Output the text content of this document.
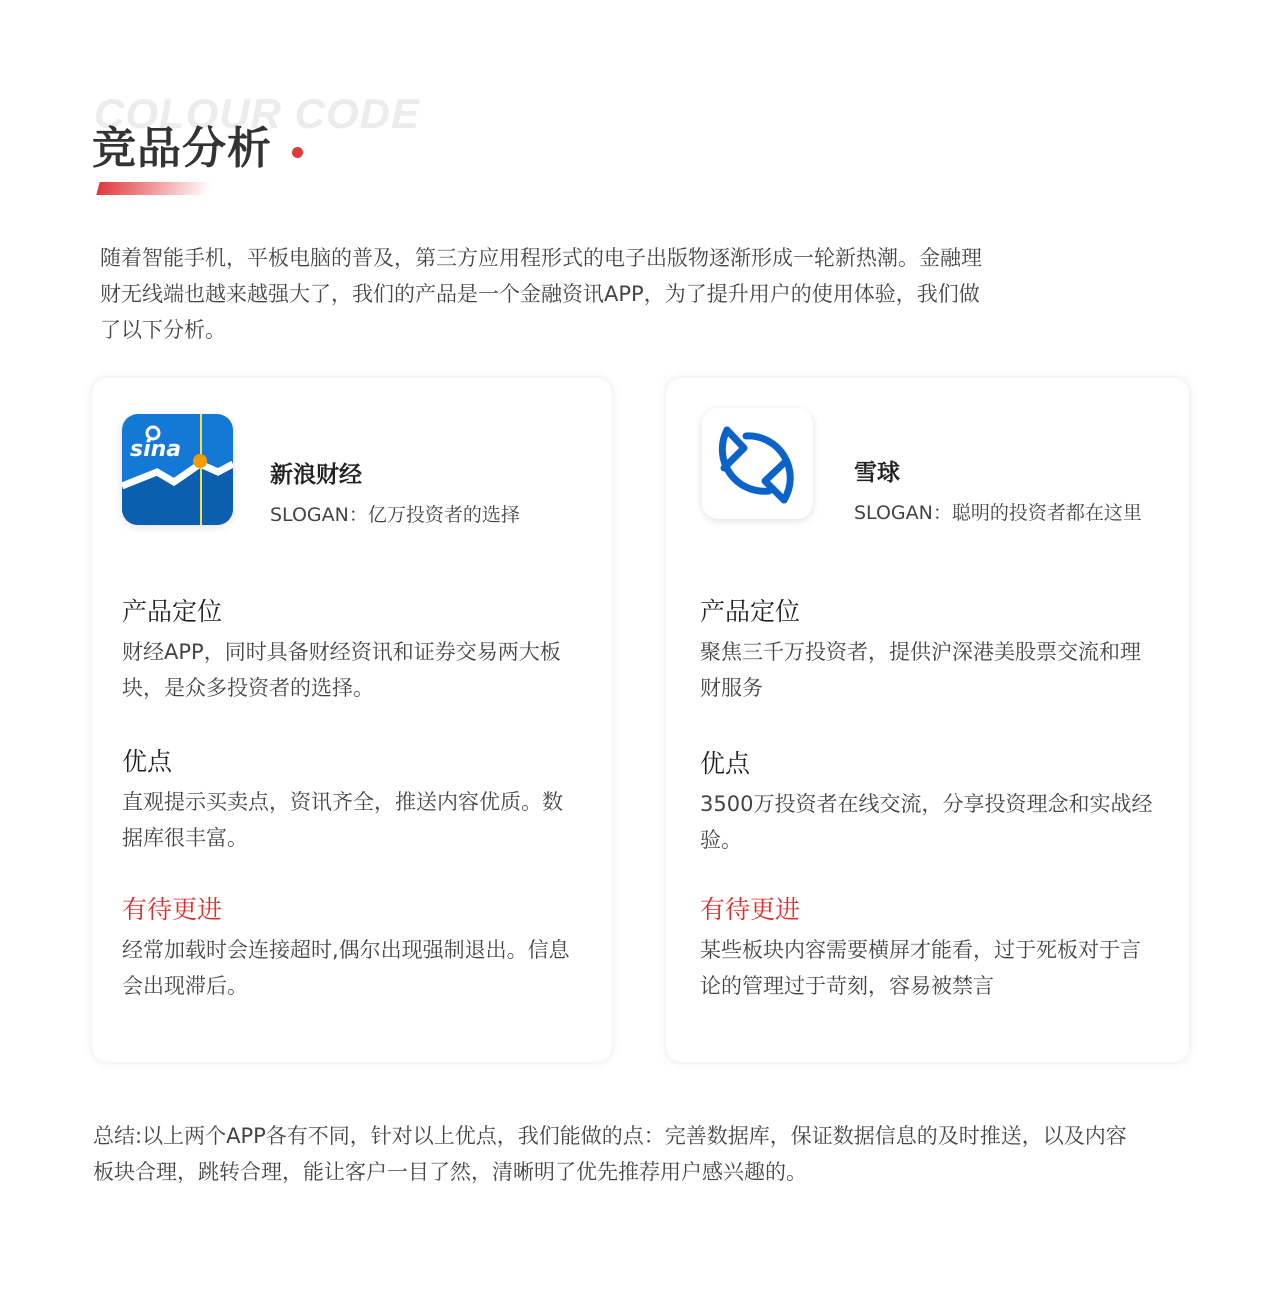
COLOUR CODE
竞品分析

随着智能手机，平板电脑的普及，第三方应用程形式的电子出版物逐渐形成一轮新热潮。金融理财无线端也越来越强大了，我们的产品是一个金融资讯APP，为了提升用户的使用体验，我们做了以下分析。

sina
新浪财经
SLOGAN：亿万投资者的选择
产品定位

财经APP，同时具备财经资讯和证券交易两大板块，是众多投资者的选择。

优点

直观提示买卖点，资讯齐全，推送内容优质。数据库很丰富。

有待更进

经常加载时会连接超时,偶尔出现强制退出。信息会出现滞后。

雪球
SLOGAN：聪明的投资者都在这里
产品定位

聚焦三千万投资者，提供沪深港美股票交流和理财服务

优点

3500万投资者在线交流，分享投资理念和实战经验。

有待更进

某些板块内容需要横屏才能看，过于死板对于言论的管理过于苛刻，容易被禁言

总结:以上两个APP各有不同，针对以上优点，我们能做的点：完善数据库，保证数据信息的及时推送，以及内容板块合理，跳转合理，能让客户一目了然，清晰明了优先推荐用户感兴趣的。
